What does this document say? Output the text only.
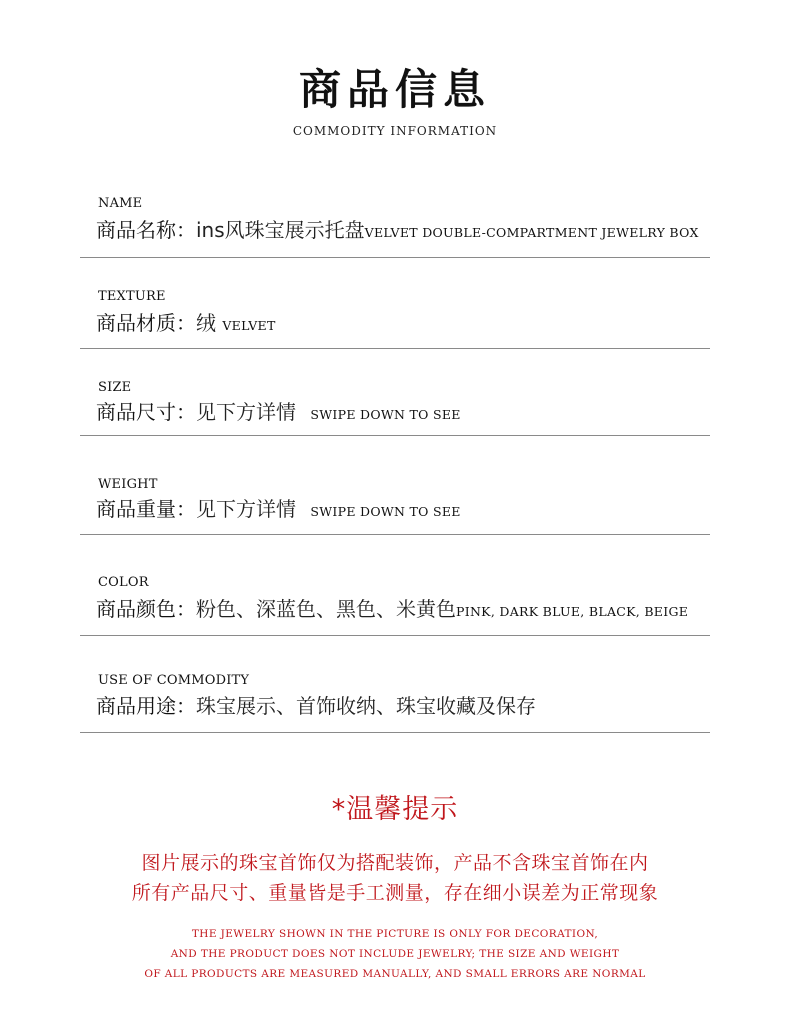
商品信息
COMMODITY INFORMATION
NAME
商品名称：ins风珠宝展示托盘VELVET DOUBLE-COMPARTMENT JEWELRY BOX
TEXTURE
商品材质：绒 VELVET
SIZE
商品尺寸：见下方详情 SWIPE DOWN TO SEE
WEIGHT
商品重量：见下方详情 SWIPE DOWN TO SEE
COLOR
商品颜色：粉色、深蓝色、黑色、米黄色PINK, DARK BLUE, BLACK, BEIGE
USE OF COMMODITY
商品用途：珠宝展示、首饰收纳、珠宝收藏及保存
*温馨提示
图片展示的珠宝首饰仅为搭配装饰，产品不含珠宝首饰在内
所有产品尺寸、重量皆是手工测量，存在细小误差为正常现象
THE JEWELRY SHOWN IN THE PICTURE IS ONLY FOR DECORATION,
AND THE PRODUCT DOES NOT INCLUDE JEWELRY; THE SIZE AND WEIGHT
OF ALL PRODUCTS ARE MEASURED MANUALLY, AND SMALL ERRORS ARE NORMAL
